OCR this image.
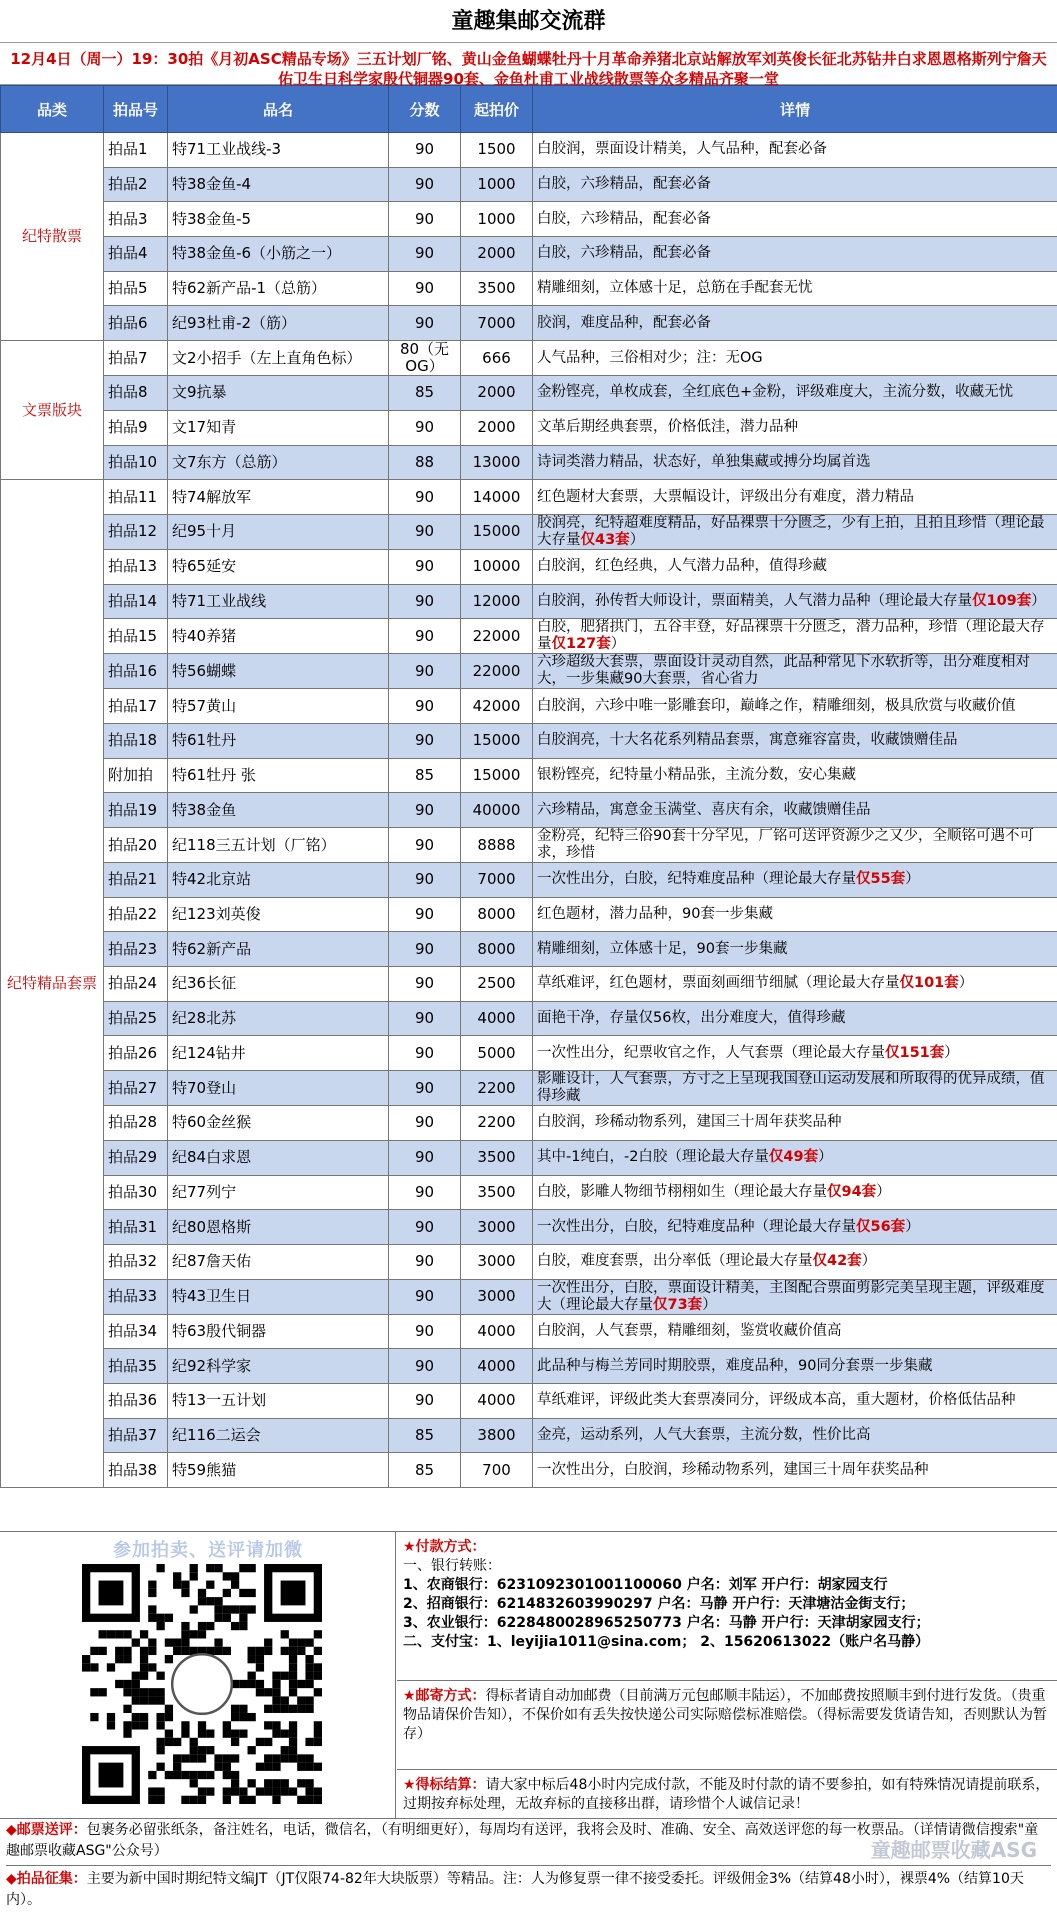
童趣集邮交流群
12月4日（周一）19：30拍《月初ASC精品专场》三五计划厂铭、黄山金鱼蝴蝶牡丹十月革命养猪北京站解放军刘英俊长征北苏钻井白求恩恩格斯列宁詹天佑卫生日科学家殷代铜器90套、金鱼杜甫工业战线散票等众多精品齐聚一堂
品类	拍品号	品名	分数	起拍价	详情
纪特散票	拍品1	特71工业战线-3	90	1500	白胶润，票面设计精美，人气品种，配套必备
	拍品2	特38金鱼-4	90	1000	白胶，六珍精品，配套必备
	拍品3	特38金鱼-5	90	1000	白胶，六珍精品，配套必备
	拍品4	特38金鱼-6（小筋之一）	90	2000	白胶，六珍精品，配套必备
	拍品5	特62新产品-1（总筋）	90	3500	精雕细刻，立体感十足，总筋在手配套无忧
	拍品6	纪93杜甫-2（筋）	90	7000	胶润，难度品种，配套必备
文票版块	拍品7	文2小招手（左上直角色标）	80（无OG）	666	人气品种，三俗相对少；注：无OG
	拍品8	文9抗暴	85	2000	金粉铿亮，单枚成套，全红底色+金粉，评级难度大，主流分数，收藏无忧
	拍品9	文17知青	90	2000	文革后期经典套票，价格低洼，潜力品种
	拍品10	文7东方（总筋）	88	13000	诗词类潜力精品，状态好，单独集藏或搏分均属首选
纪特精品套票	拍品11	特74解放军	90	14000	红色题材大套票，大票幅设计，评级出分有难度，潜力精品
	拍品12	纪95十月	90	15000	胶润亮，纪特超难度精品，好品裸票十分匮乏，少有上拍，且拍且珍惜（理论最大存量仅43套）
	拍品13	特65延安	90	10000	白胶润，红色经典，人气潜力品种，值得珍藏
	拍品14	特71工业战线	90	12000	白胶润，孙传哲大师设计，票面精美，人气潜力品种（理论最大存量仅109套）
	拍品15	特40养猪	90	22000	白胶，肥猪拱门，五谷丰登，好品裸票十分匮乏，潜力品种，珍惜（理论最大存量仅127套）
	拍品16	特56蝴蝶	90	22000	六珍超级大套票，票面设计灵动自然，此品种常见下水软折等，出分难度相对大，一步集藏90大套票，省心省力
	拍品17	特57黄山	90	42000	白胶润，六珍中唯一影雕套印，巅峰之作，精雕细刻，极具欣赏与收藏价值
	拍品18	特61牡丹	90	15000	白胶润亮，十大名花系列精品套票，寓意雍容富贵，收藏馈赠佳品
	附加拍	特61牡丹 张	85	15000	银粉铿亮，纪特量小精品张，主流分数，安心集藏
	拍品19	特38金鱼	90	40000	六珍精品，寓意金玉满堂、喜庆有余，收藏馈赠佳品
	拍品20	纪118三五计划（厂铭）	90	8888	金粉亮，纪特三俗90套十分罕见，厂铭可送评资源少之又少，全顺铭可遇不可求，珍惜
	拍品21	特42北京站	90	7000	一次性出分，白胶，纪特难度品种（理论最大存量仅55套）
	拍品22	纪123刘英俊	90	8000	红色题材，潜力品种，90套一步集藏
	拍品23	特62新产品	90	8000	精雕细刻，立体感十足，90套一步集藏
	拍品24	纪36长征	90	2500	草纸难评，红色题材，票面刻画细节细腻（理论最大存量仅101套）
	拍品25	纪28北苏	90	4000	面艳干净，存量仅56枚，出分难度大，值得珍藏
	拍品26	纪124钻井	90	5000	一次性出分，纪票收官之作，人气套票（理论最大存量仅151套）
	拍品27	特70登山	90	2200	影雕设计，人气套票，方寸之上呈现我国登山运动发展和所取得的优异成绩，值得珍藏
	拍品28	特60金丝猴	90	2200	白胶润，珍稀动物系列，建国三十周年获奖品种
	拍品29	纪84白求恩	90	3500	其中-1纯白，-2白胶（理论最大存量仅49套）
	拍品30	纪77列宁	90	3500	白胶，影雕人物细节栩栩如生（理论最大存量仅94套）
	拍品31	纪80恩格斯	90	3000	一次性出分，白胶，纪特难度品种（理论最大存量仅56套）
	拍品32	纪87詹天佑	90	3000	白胶，难度套票，出分率低（理论最大存量仅42套）
	拍品33	特43卫生日	90	3000	一次性出分，白胶，票面设计精美，主图配合票面剪影完美呈现主题，评级难度大（理论最大存量仅73套）
	拍品34	特63殷代铜器	90	4000	白胶润，人气套票，精雕细刻，鉴赏收藏价值高
	拍品35	纪92科学家	90	4000	此品种与梅兰芳同时期胶票，难度品种，90同分套票一步集藏
	拍品36	特13一五计划	90	4000	草纸难评，评级此类大套票凑同分，评级成本高，重大题材，价格低估品种
	拍品37	纪116二运会	85	3800	金亮，运动系列，人气大套票，主流分数，性价比高
	拍品38	特59熊猫	85	700	一次性出分，白胶润，珍稀动物系列，建国三十周年获奖品种
参加拍卖、送评请加微	★付款方式：
一、银行转账：
1、农商银行：6231092301001100060 户名：刘军 开户行：胡家园支行
2、招商银行：6214832603990297 户名：马静 开户行：天津塘沽金街支行；
3、农业银行：6228480028965250773 户名：马静 开户行：天津胡家园支行；
二、支付宝：1、leyijia1011@sina.com； 2、15620613022（账户名马静）
★邮寄方式：得标者请自动加邮费（目前满万元包邮顺丰陆运），不加邮费按照顺丰到付进行发货。（贵重物品请保价告知），不保价如有丢失按快递公司实际赔偿标准赔偿。（得标需要发货请告知，否则默认为暂存）
★得标结算：请大家中标后48小时内完成付款，不能及时付款的请不要参拍，如有特殊情况请提前联系，过期按弃标处理，无故弃标的直接移出群，请珍惜个人诚信记录！
◆邮票送评：包裹务必留张纸条，备注姓名，电话，微信名，（有明细更好），每周均有送评，我将会及时、准确、安全、高效送评您的每一枚票品。（详情请微信搜索"童趣邮票收藏ASG"公众号）
◆拍品征集：主要为新中国时期纪特文编JT（JT仅限74-82年大块版票）等精品。注：人为修复票一律不接受委托。评级佣金3%（结算48小时），裸票4%（结算10天内）。
童趣邮票收藏ASG
